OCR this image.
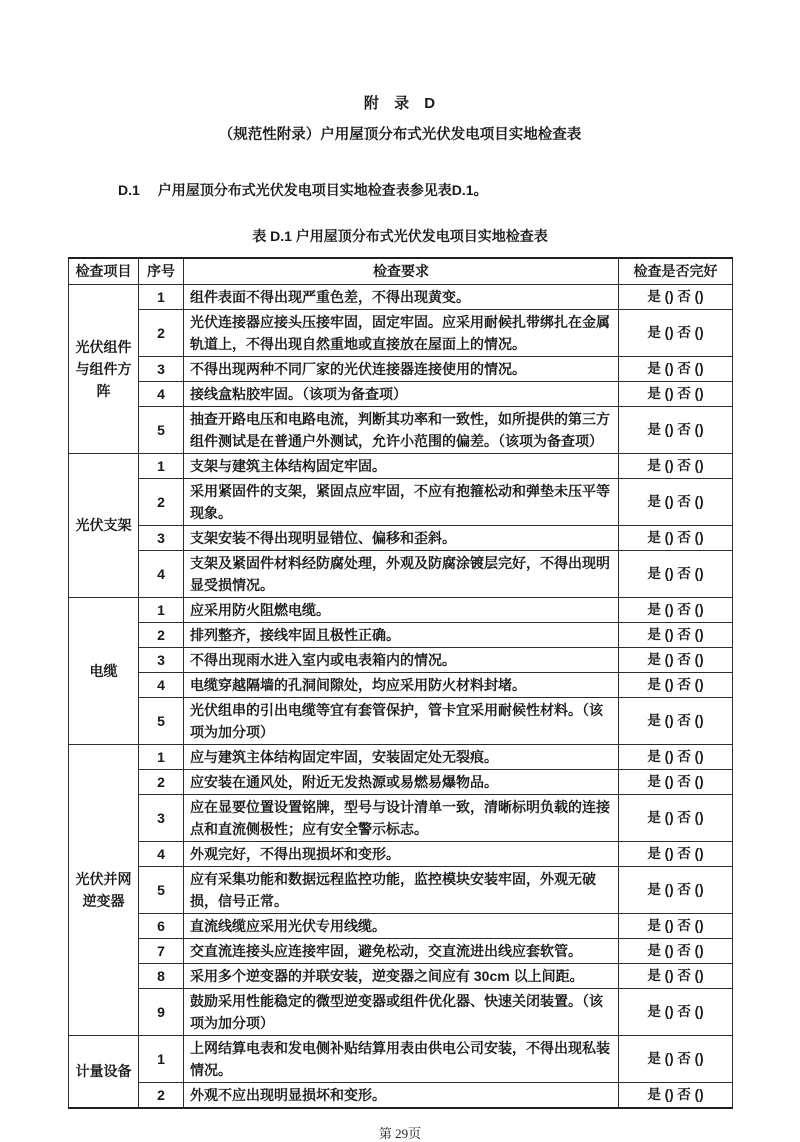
附 录 D
（规范性附录）户用屋顶分布式光伏发电项目实地检查表

D.1 户用屋顶分布式光伏发电项目实地检查表参见表D.1。

表 D.1 户用屋顶分布式光伏发电项目实地检查表
检查项目	序号	检查要求	检查是否完好
光伏组件与组件方阵	1	组件表面不得出现严重色差，不得出现黄变。	是 () 否 ()
	2	光伏连接器应接头压接牢固，固定牢固。应采用耐候扎带绑扎在金属轨道上，不得出现自然重地或直接放在屋面上的情况。	是 () 否 ()
	3	不得出现两种不同厂家的光伏连接器连接使用的情况。	是 () 否 ()
	4	接线盒粘胶牢固。（该项为备查项）	是 () 否 ()
	5	抽查开路电压和电路电流，判断其功率和一致性，如所提供的第三方组件测试是在普通户外测试，允许小范围的偏差。（该项为备查项）	是 () 否 ()
光伏支架	1	支架与建筑主体结构固定牢固。	是 () 否 ()
	2	采用紧固件的支架，紧固点应牢固，不应有抱箍松动和弹垫未压平等现象。	是 () 否 ()
	3	支架安装不得出现明显错位、偏移和歪斜。	是 () 否 ()
	4	支架及紧固件材料经防腐处理，外观及防腐涂镀层完好，不得出现明显受损情况。	是 () 否 ()
电缆	1	应采用防火阻燃电缆。	是 () 否 ()
	2	排列整齐，接线牢固且极性正确。	是 () 否 ()
	3	不得出现雨水进入室内或电表箱内的情况。	是 () 否 ()
	4	电缆穿越隔墙的孔洞间隙处，均应采用防火材料封堵。	是 () 否 ()
	5	光伏组串的引出电缆等宜有套管保护，管卡宜采用耐候性材料。（该项为加分项）	是 () 否 ()
光伏并网逆变器	1	应与建筑主体结构固定牢固，安装固定处无裂痕。	是 () 否 ()
	2	应安装在通风处，附近无发热源或易燃易爆物品。	是 () 否 ()
	3	应在显要位置设置铭牌，型号与设计清单一致，清晰标明负载的连接点和直流侧极性；应有安全警示标志。	是 () 否 ()
	4	外观完好，不得出现损坏和变形。	是 () 否 ()
	5	应有采集功能和数据远程监控功能，监控模块安装牢固，外观无破损，信号正常。	是 () 否 ()
	6	直流线缆应采用光伏专用线缆。	是 () 否 ()
	7	交直流连接头应连接牢固，避免松动，交直流进出线应套软管。	是 () 否 ()
	8	采用多个逆变器的并联安装，逆变器之间应有 30cm 以上间距。	是 () 否 ()
	9	鼓励采用性能稳定的微型逆变器或组件优化器、快速关闭装置。（该项为加分项）	是 () 否 ()
计量设备	1	上网结算电表和发电侧补贴结算用表由供电公司安装，不得出现私装情况。	是 () 否 ()
	2	外观不应出现明显损坏和变形。	是 () 否 ()
第 29页
